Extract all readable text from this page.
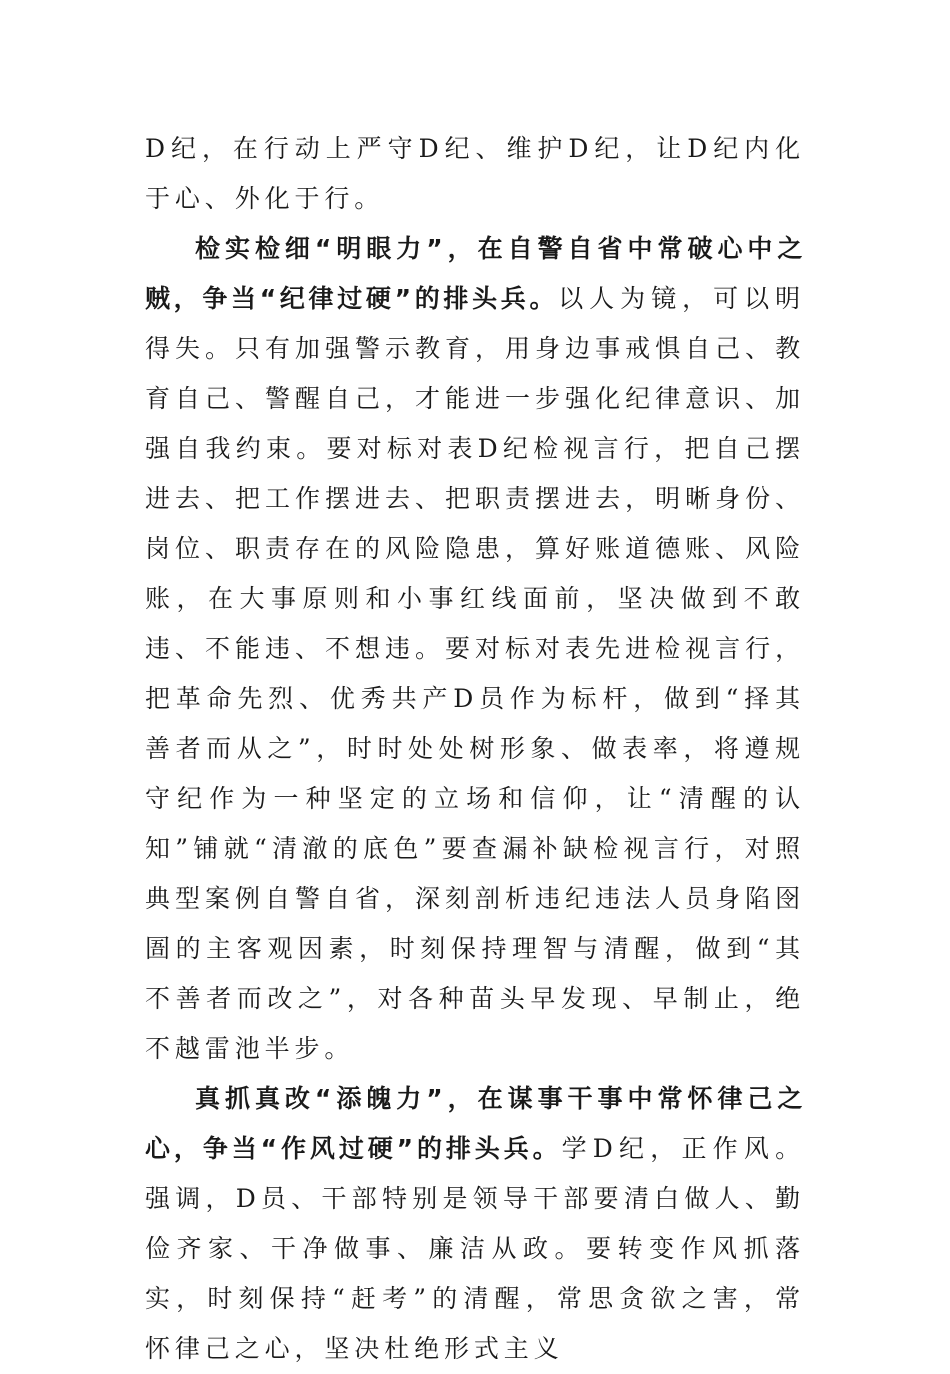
D纪，在行动上严守D纪、维护D纪，让D纪内化于心、外化于行。

检实检细“明眼力”，在自警自省中常破心中之贼，争当“纪律过硬”的排头兵。以人为镜，可以明得失。只有加强警示教育，用身边事戒惧自己、教育自己、警醒自己，才能进一步强化纪律意识、加强自我约束。要对标对表D纪检视言行，把自己摆进去、把工作摆进去、把职责摆进去，明晰身份、岗位、职责存在的风险隐患，算好账道德账、风险账，在大事原则和小事红线面前，坚决做到不敢违、不能违、不想违。要对标对表先进检视言行，把革命先烈、优秀共产D员作为标杆，做到“择其善者而从之”，时时处处树形象、做表率，将遵规守纪作为一种坚定的立场和信仰，让“清醒的认知”铺就“清澈的底色”要查漏补缺检视言行，对照典型案例自警自省，深刻剖析违纪违法人员身陷囹圄的主客观因素，时刻保持理智与清醒，做到“其不善者而改之”，对各种苗头早发现、早制止，绝不越雷池半步。

真抓真改“添魄力”，在谋事干事中常怀律己之心，争当“作风过硬”的排头兵。学D纪，正作风。强调，D员、干部特别是领导干部要清白做人、勤俭齐家、干净做事、廉洁从政。要转变作风抓落实，时刻保持“赶考”的清醒，常思贪欲之害，常怀律己之心，坚决杜绝形式主义
